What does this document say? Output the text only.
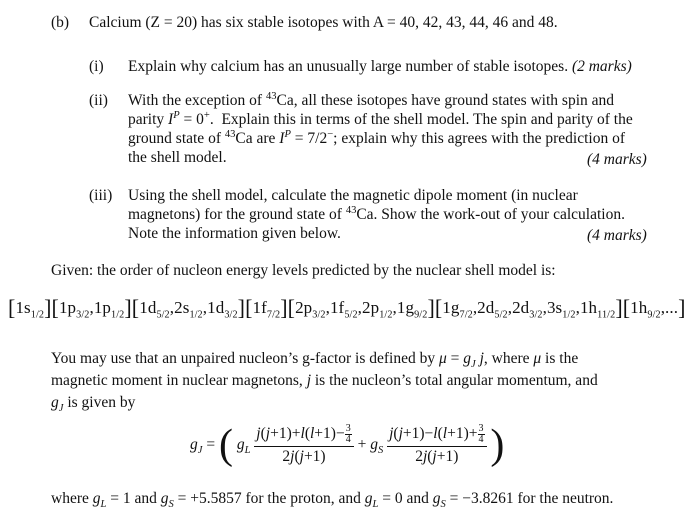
(b) Calcium (Z = 20) has six stable isotopes with A = 40, 42, 43, 44, 46 and 48.
(i) Explain why calcium has an unusually large number of stable isotopes. (2 marks)
(ii) With the exception of $^{43}$Ca, all these isotopes have ground states with spin and
parity $I^P = 0^+$.  Explain this in terms of the shell model. The spin and parity of the
ground state of $^{43}$Ca are $I^P = 7/2^-$; explain why this agrees with the prediction of
the shell model.	(4 marks)
(iii) Using the shell model, calculate the magnetic dipole moment (in nuclear
magnetons) for the ground state of $^{43}$Ca. Show the work-out of your calculation.
Note the information given below.	(4 marks)
Given: the order of nucleon energy levels predicted by the nuclear shell model is:
$[1s_{1/2}][1p_{3/2},1p_{1/2}][1d_{5/2},2s_{1/2},1d_{3/2}][1f_{7/2}][2p_{3/2},1f_{5/2},2p_{1/2},1g_{9/2}][1g_{7/2},2d_{5/2},2d_{3/2},3s_{1/2},1h_{11/2}][1h_{9/2},...]$
You may use that an unpaired nucleon’s g-factor is defined by $\mu = g_J$ j, where μ is the
magnetic moment in nuclear magnetons, j is the nucleon’s total angular momentum, and
$g_J$ is given by
$g_J$ = ( $g_L \frac{j(j+1)+l(l+1)- \frac{3}{4}}{2j(j+1)} + g_S \frac{j(j+1)-l(l+1)+ \frac{3}{4}}{2j(j+1)}$ )
where $g_L = 1$ and $g_S = +5.5857$ for the proton, and $g_L = 0$ and $g_S = -3.8261$ for the neutron.
